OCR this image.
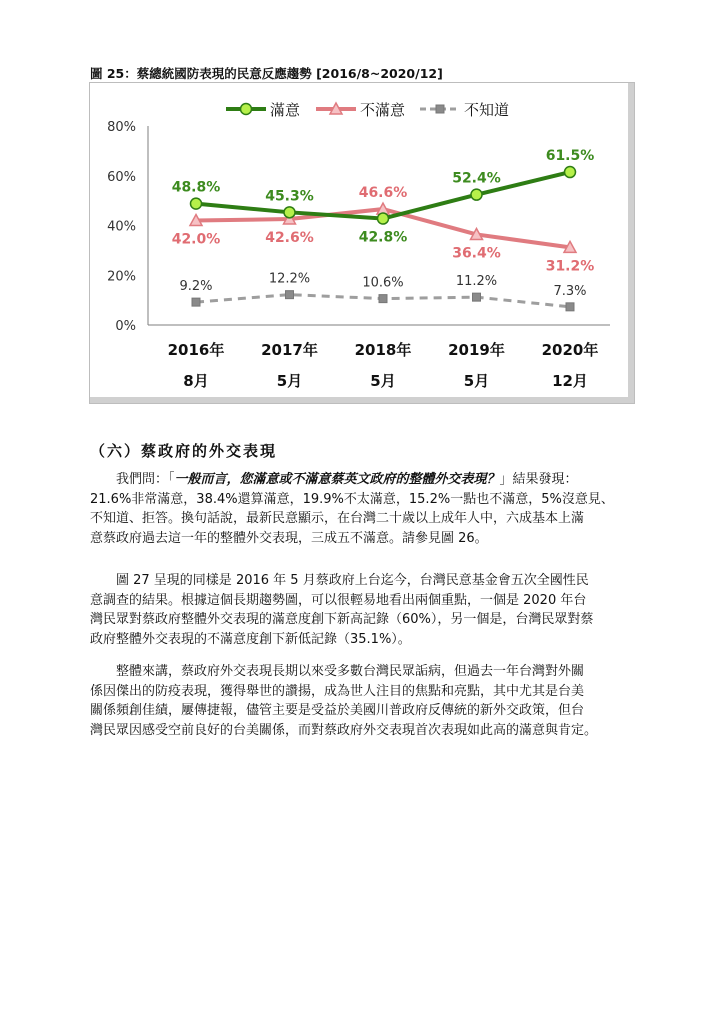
圖 25：蔡總統國防表現的民意反應趨勢 [2016/8~2020/12]
0%
20%
40%
60%
80%
2016年
8月
2017年
5月
2018年
5月
2019年
5月
2020年
12月
滿意	不滿意	不知道
48.8%
45.3%
42.8%
52.4%
61.5%
42.0%	42.6%
46.6%
36.4%
31.2%
9.2%	12.2%	10.6%	11.2%
7.3%
（六）蔡政府的外交表現
我們問：「一般而言，您滿意或不滿意蔡英文政府的整體外交表現？」結果發現：
21.6%非常滿意，38.4%還算滿意，19.9%不太滿意，15.2%一點也不滿意，5%沒意見、
不知道、拒答。換句話說，最新民意顯示，在台灣二十歲以上成年人中，六成基本上滿
意蔡政府過去這一年的整體外交表現，三成五不滿意。請參見圖 26。
圖 27 呈現的同樣是 2016 年 5 月蔡政府上台迄今，台灣民意基金會五次全國性民
意調查的結果。根據這個長期趨勢圖，可以很輕易地看出兩個重點，一個是 2020 年台
灣民眾對蔡政府整體外交表現的滿意度創下新高記錄（60%），另一個是，台灣民眾對蔡
政府整體外交表現的不滿意度創下新低記錄（35.1%）。
整體來講，蔡政府外交表現長期以來受多數台灣民眾詬病，但過去一年台灣對外關
係因傑出的防疫表現，獲得舉世的讚揚，成為世人注目的焦點和亮點，其中尤其是台美
關係頻創佳績，屢傳捷報，儘管主要是受益於美國川普政府反傳統的新外交政策，但台
灣民眾因感受空前良好的台美關係，而對蔡政府外交表現首次表現如此高的滿意與肯定。
